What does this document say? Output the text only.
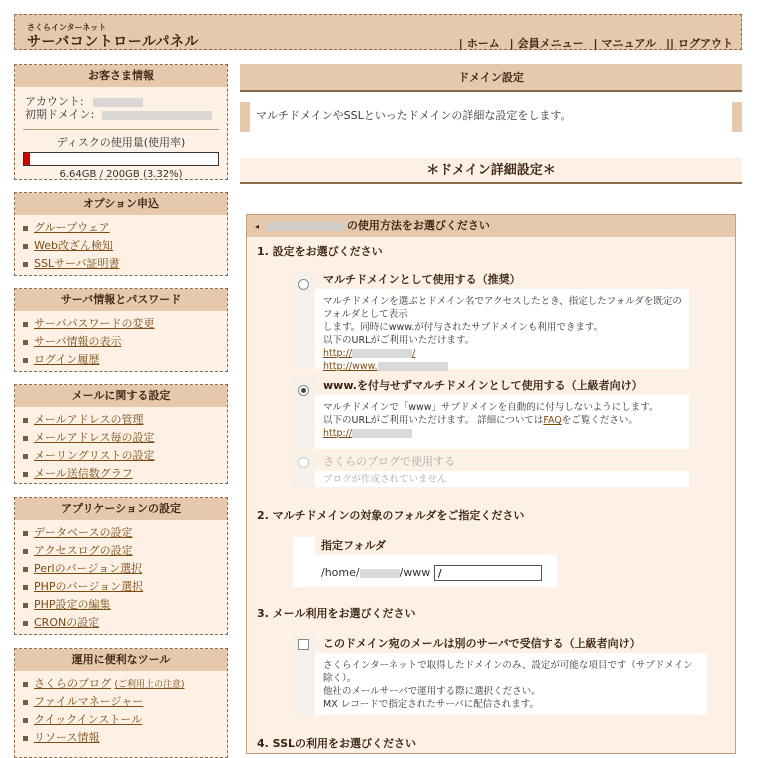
さくらインターネット
サーバコントロールパネル	| ホーム | 会員メニュー | マニュアル || ログアウト
お客さま情報
アカウント:
初期ドメイン:
ディスクの使用量(使用率)
6.64GB / 200GB (3.32%)
オプション申込
グループウェア
Web改ざん検知
SSLサーバ証明書
サーバ情報とパスワード
サーバパスワードの変更
サーバ情報の表示
ログイン履歴
メールに関する設定
メールアドレスの管理
メールアドレス毎の設定
メーリングリストの設定
メール送信数グラフ
アプリケーションの設定
データベースの設定
アクセスログの設定
Perlのバージョン選択
PHPのバージョン選択
PHP設定の編集
CRONの設定
運用に便利なツール
さくらのブログ (ご利用上の注意)
ファイルマネージャー
クイックインストール
リソース情報
ドメイン設定
マルチドメインやSSLといったドメインの詳細な設定をします。
＊ドメイン詳細設定＊
◂	の使用方法をお選びください
1. 設定をお選びください
マルチドメインとして使用する（推奨）
マルチドメインを選ぶとドメイン名でアクセスしたとき、指定したフォルダを既定のフォルダとして表示
します。同時にwww.が付与されたサブドメインも利用できます。
以下のURLがご利用いただけます。
http://	/
http://www.
www.を付与せずマルチドメインとして使用する（上級者向け）
マルチドメインで「www」サブドメインを自動的に付与しないようにします。
以下のURLがご利用いただけます。 詳細についてはFAQをご覧ください。
http://
さくらのブログで使用する
ブログが作成されていません
2. マルチドメインの対象のフォルダをご指定ください
指定フォルダ
/home/	/www /
3. メール利用をお選びください
このドメイン宛のメールは別のサーバで受信する（上級者向け）
さくらインターネットで取得したドメインのみ、設定が可能な項目です（サブドメイン除く）。
他社のメールサーバで運用する際に選択ください。
MX レコードで指定されたサーバに配信されます。
4. SSLの利用をお選びください
